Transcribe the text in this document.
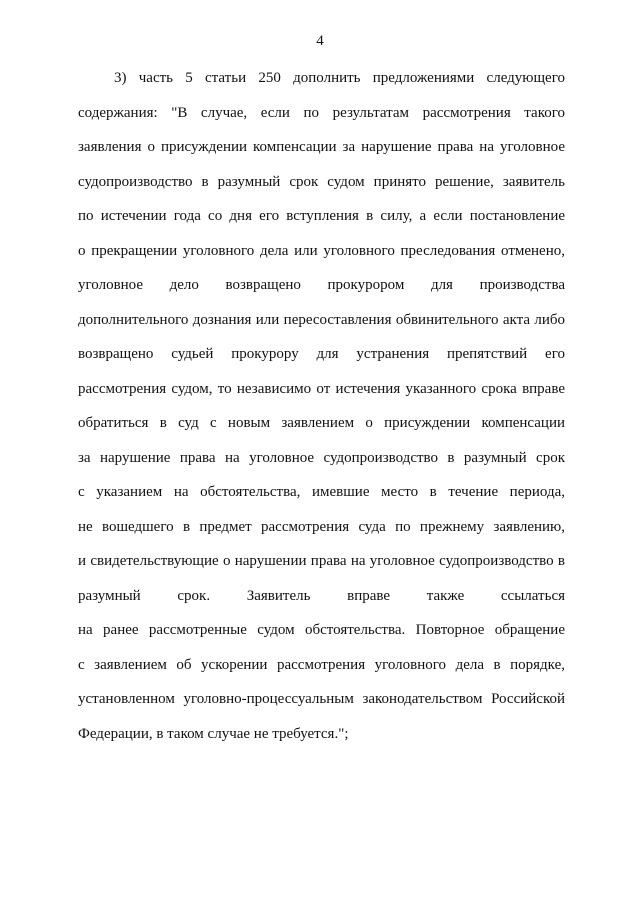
4
3) часть 5 статьи 250 дополнить предложениями следующего
содержания: "В случае, если по результатам рассмотрения такого
заявления о присуждении компенсации за нарушение права на уголовное
судопроизводство в разумный срок судом принято решение, заявитель
по истечении года со дня его вступления в силу, а если постановление
о прекращении уголовного дела или уголовного преследования отменено,
уголовное дело возвращено прокурором для производства
дополнительного дознания или пересоставления обвинительного акта либо
возвращено судьей прокурору для устранения препятствий его
рассмотрения судом, то независимо от истечения указанного срока вправе
обратиться в суд с новым заявлением о присуждении компенсации
за нарушение права на уголовное судопроизводство в разумный срок
с указанием на обстоятельства, имевшие место в течение периода,
не вошедшего в предмет рассмотрения суда по прежнему заявлению,
и свидетельствующие о нарушении права на уголовное судопроизводство в
разумный срок. Заявитель вправе также ссылаться
на ранее рассмотренные судом обстоятельства. Повторное обращение
с заявлением об ускорении рассмотрения уголовного дела в порядке,
установленном уголовно-процессуальным законодательством Российской
Федерации, в таком случае не требуется.";
